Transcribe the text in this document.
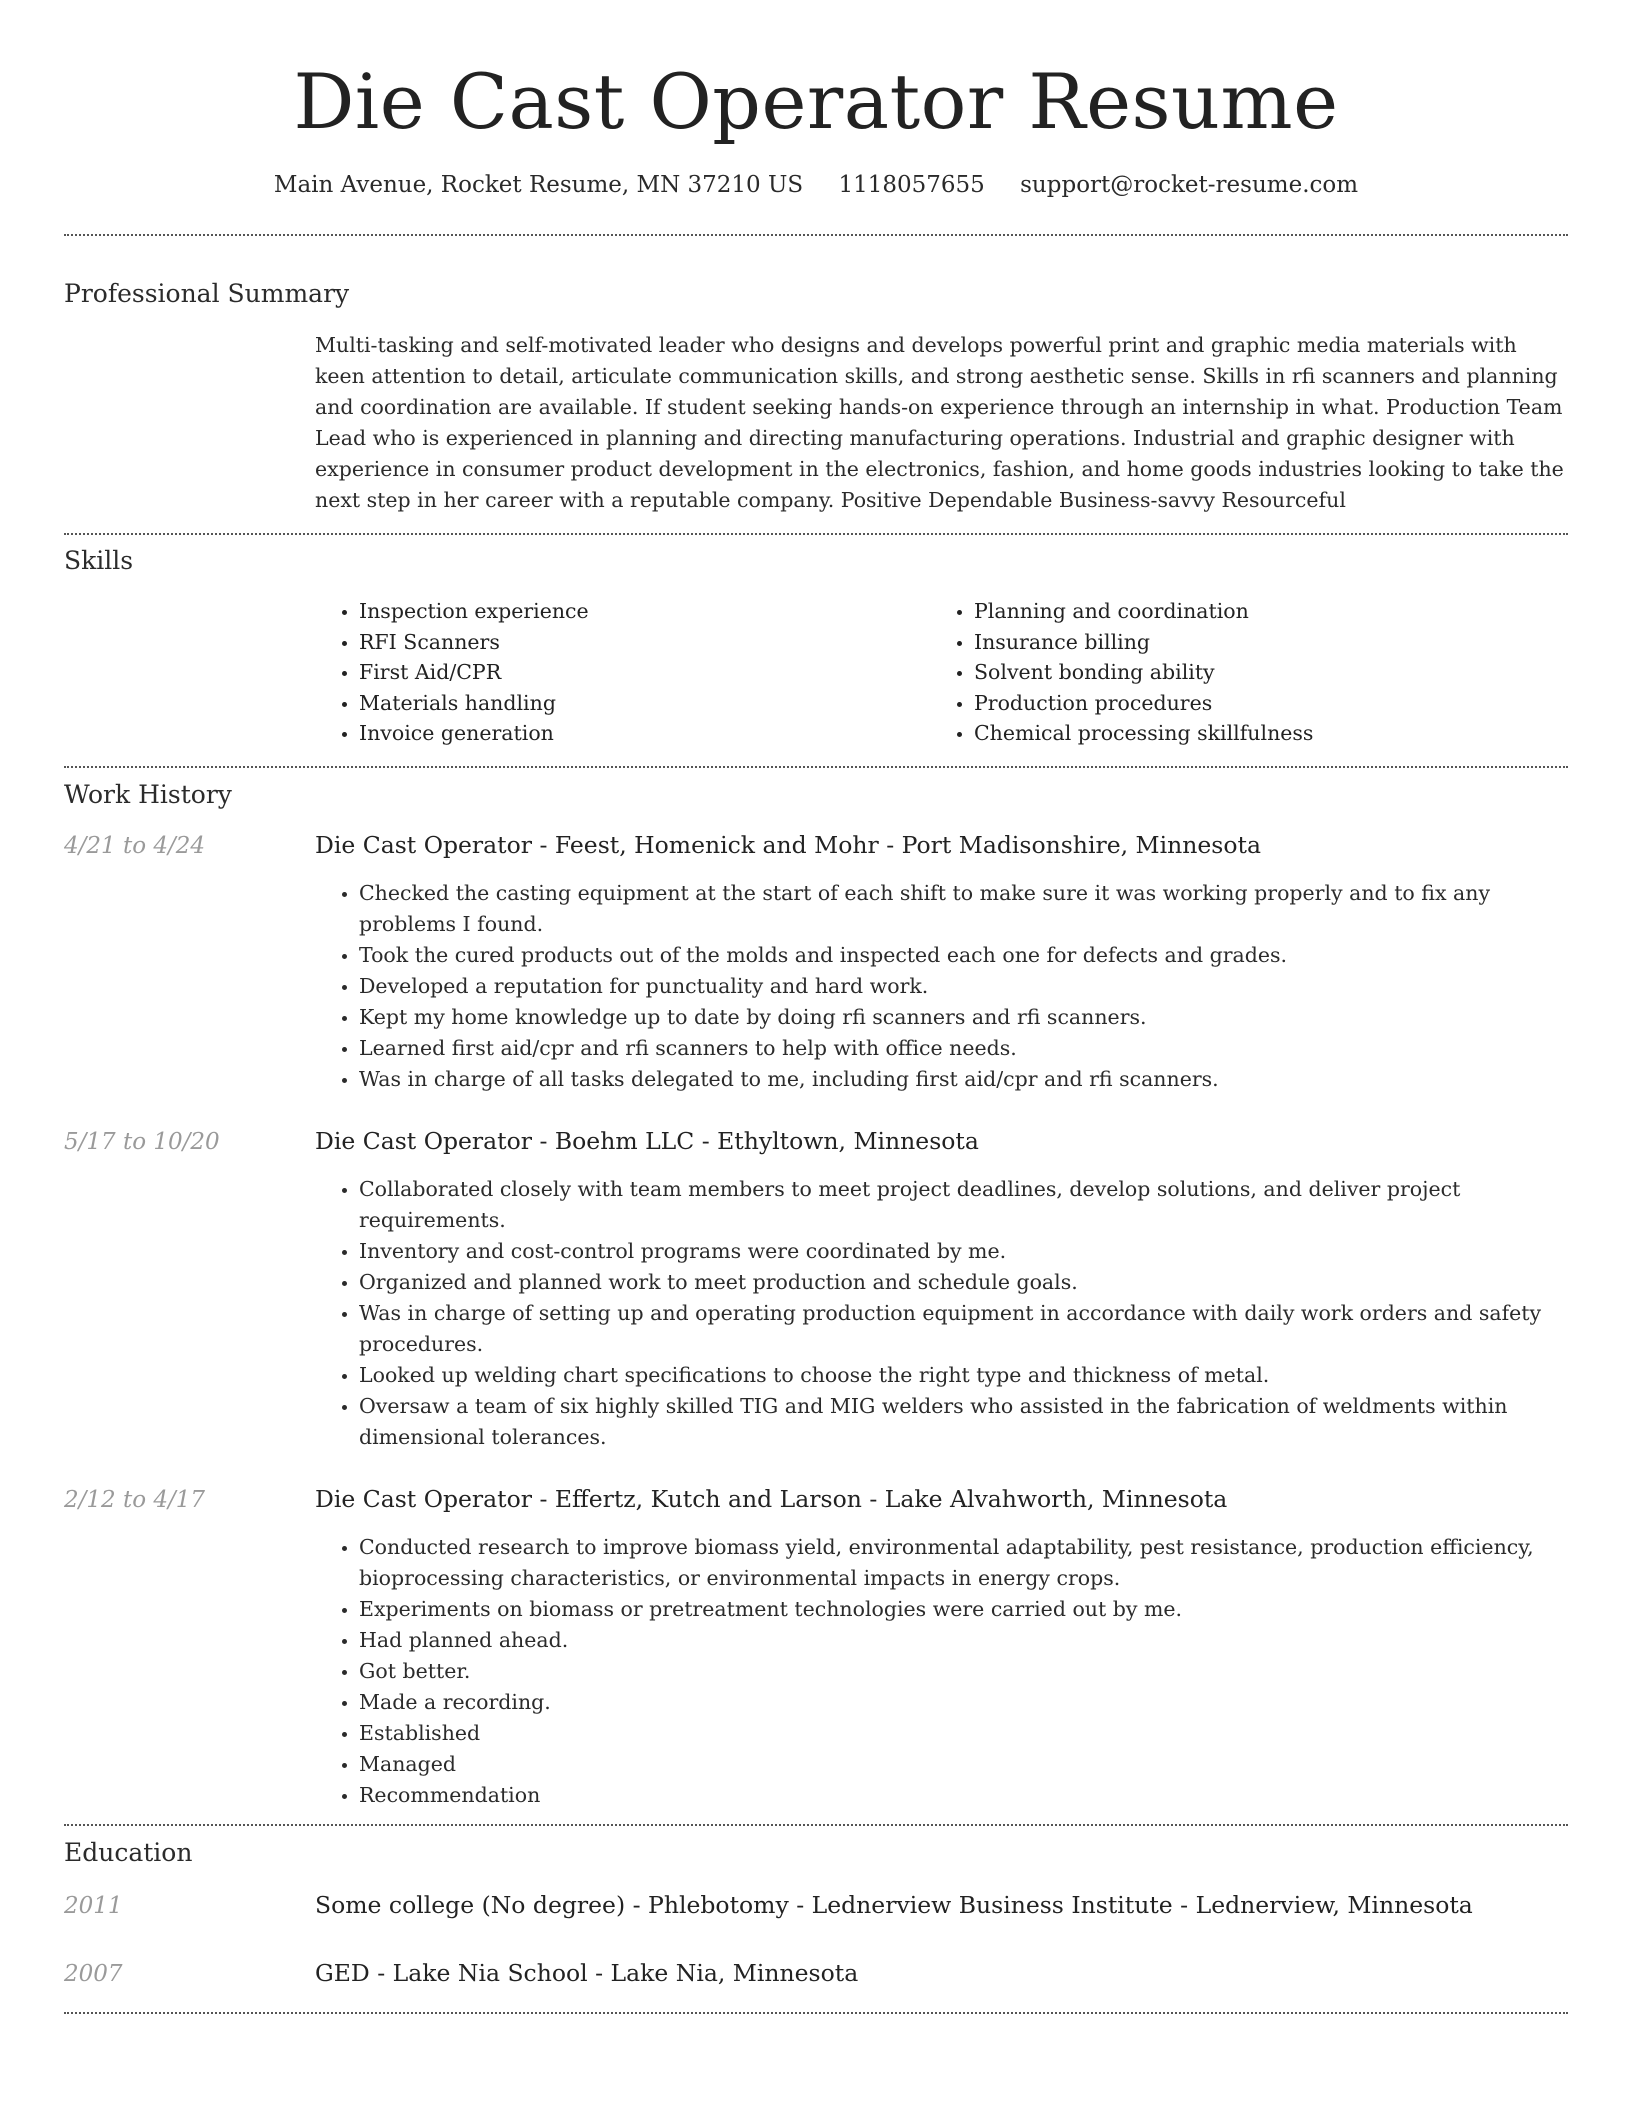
Die Cast Operator Resume
Main Avenue, Rocket Resume, MN 37210 US 1118057655 support@rocket-resume.com
Professional Summary
Multi-tasking and self-motivated leader who designs and develops powerful print and graphic media materials with keen attention to detail, articulate communication skills, and strong aesthetic sense. Skills in rfi scanners and planning and coordination are available. If student seeking hands-on experience through an internship in what. Production Team Lead who is experienced in planning and directing manufacturing operations. Industrial and graphic designer with experience in consumer product development in the electronics, fashion, and home goods industries looking to take the next step in her career with a reputable company. Positive Dependable Business-savvy Resourceful
Skills
• Inspection experience
• RFI Scanners
• First Aid/CPR
• Materials handling
• Invoice generation
• Planning and coordination
• Insurance billing
• Solvent bonding ability
• Production procedures
• Chemical processing skillfulness
Work History
4/21 to 4/24	Die Cast Operator - Feest, Homenick and Mohr - Port Madisonshire, Minnesota
• Checked the casting equipment at the start of each shift to make sure it was working properly and to fix any problems I found.
• Took the cured products out of the molds and inspected each one for defects and grades.
• Developed a reputation for punctuality and hard work.
• Kept my home knowledge up to date by doing rfi scanners and rfi scanners.
• Learned first aid/cpr and rfi scanners to help with office needs.
• Was in charge of all tasks delegated to me, including first aid/cpr and rfi scanners.
5/17 to 10/20	Die Cast Operator - Boehm LLC - Ethyltown, Minnesota
• Collaborated closely with team members to meet project deadlines, develop solutions, and deliver project requirements.
• Inventory and cost-control programs were coordinated by me.
• Organized and planned work to meet production and schedule goals.
• Was in charge of setting up and operating production equipment in accordance with daily work orders and safety procedures.
• Looked up welding chart specifications to choose the right type and thickness of metal.
• Oversaw a team of six highly skilled TIG and MIG welders who assisted in the fabrication of weldments within dimensional tolerances.
2/12 to 4/17	Die Cast Operator - Effertz, Kutch and Larson - Lake Alvahworth, Minnesota
• Conducted research to improve biomass yield, environmental adaptability, pest resistance, production efficiency, bioprocessing characteristics, or environmental impacts in energy crops.
• Experiments on biomass or pretreatment technologies were carried out by me.
• Had planned ahead.
• Got better.
• Made a recording.
• Established
• Managed
• Recommendation
Education
2011	Some college (No degree) - Phlebotomy - Lednerview Business Institute - Lednerview, Minnesota
2007	GED - Lake Nia School - Lake Nia, Minnesota
